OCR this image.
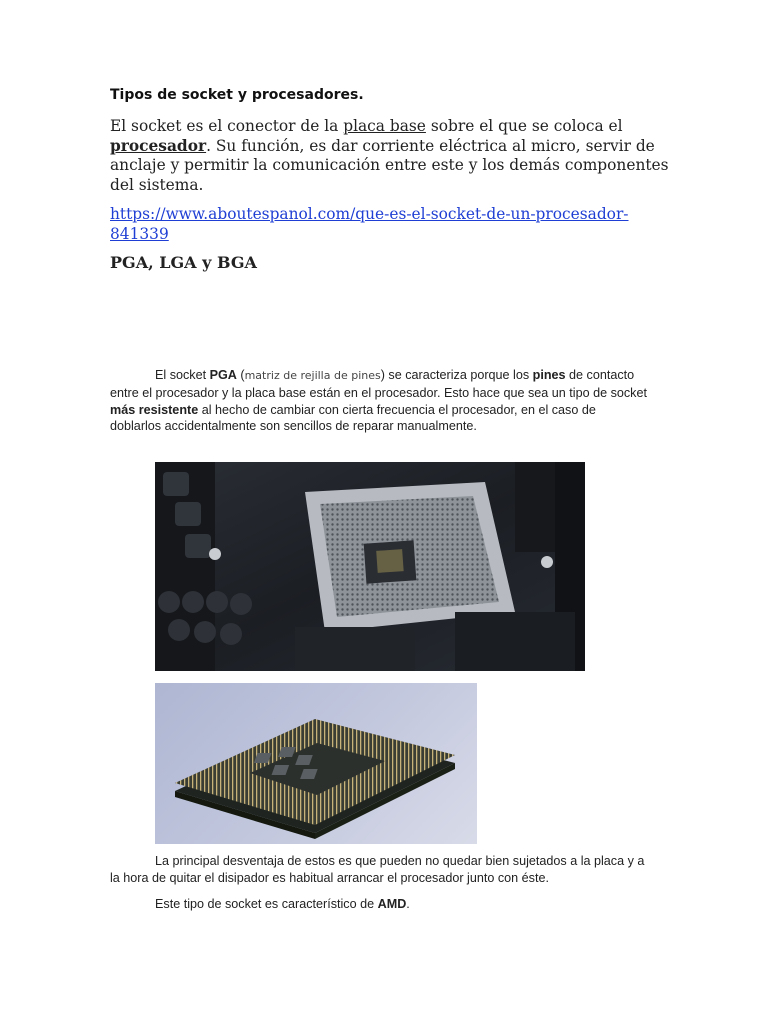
Tipos de socket y procesadores.
El socket es el conector de la placa base sobre el que se coloca el procesador. Su función, es dar corriente eléctrica al micro, servir de anclaje y permitir la comunicación entre este y los demás componentes del sistema.
https://www.aboutespanol.com/que-es-el-socket-de-un-procesador-841339
PGA, LGA y BGA
El socket PGA (matriz de rejilla de pines) se caracteriza porque los pines de contacto entre el procesador y la placa base están en el procesador. Esto hace que sea un tipo de socket más resistente al hecho de cambiar con cierta frecuencia el procesador, en el caso de doblarlos accidentalmente son sencillos de reparar manualmente.
La principal desventaja de estos es que pueden no quedar bien sujetados a la placa y a la hora de quitar el disipador es habitual arrancar el procesador junto con éste.
Este tipo de socket es característico de AMD.
